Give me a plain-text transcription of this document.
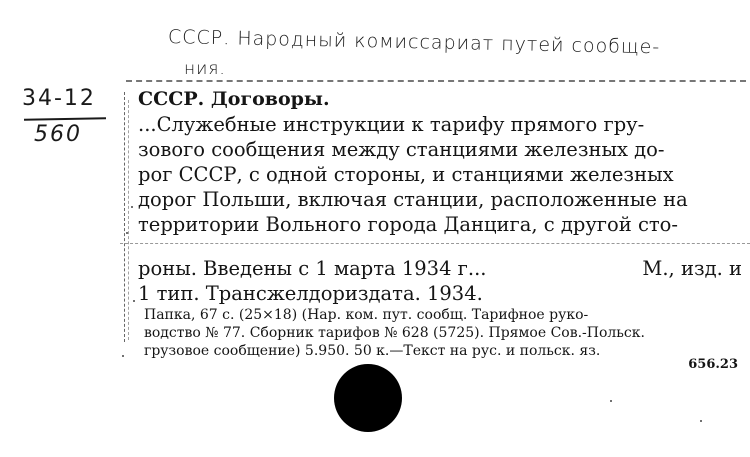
СССР. Народный комиссариат путей сообще-
ния.
34-12
560
СССР. Договоры.
...Служебные инструкции к тарифу прямого гру-
зового сообщения между станциями железных до-
рог СССР, с одной стороны, и станциями железных
дорог Польши, включая станции, расположенные на
территории Вольного города Данцига, с другой сто-
роны. Введены с 1 марта 1934 г...	М., изд. и
1 тип. Трансжелдориздата. 1934.
Папка, 67 с. (25×18) (Нар. ком. пут. сообщ. Тарифное руко-
водство № 77. Сборник тарифов № 628 (5725). Прямое Сов.-Польск.
грузовое сообщение) 5.950. 50 к.—Текст на рус. и польск. яз.
656.23
